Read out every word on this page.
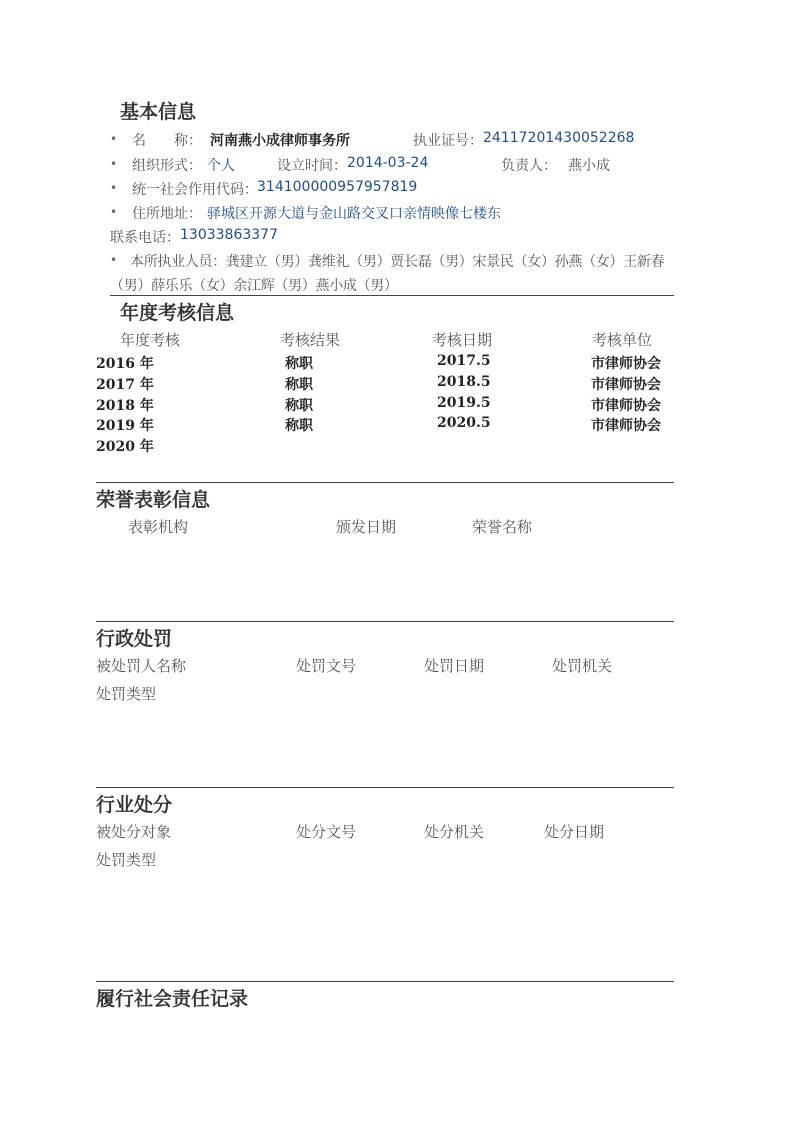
基本信息
• 名　　称： 河南燕小成律师事务所	执业证号： 24117201430052268
• 组织形式： 个人	设立时间： 2014-03-24	负责人： 燕小成
• 统一社会作用代码： 314100000957957819
• 住所地址： 驿城区开源大道与金山路交叉口亲情映像七楼东
联系电话： 13033863377
• 本所执业人员：龚建立（男）龚维礼（男）贾长磊（男）宋景民（女）孙燕（女）王新春
（男）薛乐乐（女）余江辉（男）燕小成（男）
年度考核信息
年度考核	考核结果	考核日期	考核单位
2016 年	称职	2017.5	市律师协会
2017 年	称职	2018.5	市律师协会
2018 年	称职	2019.5	市律师协会
2019 年	称职	2020.5	市律师协会
2020 年
荣誉表彰信息
表彰机构	颁发日期	荣誉名称
行政处罚
被处罚人名称	处罚文号	处罚日期	处罚机关
处罚类型
行业处分
被处分对象	处分文号	处分机关	处分日期
处罚类型
履行社会责任记录
